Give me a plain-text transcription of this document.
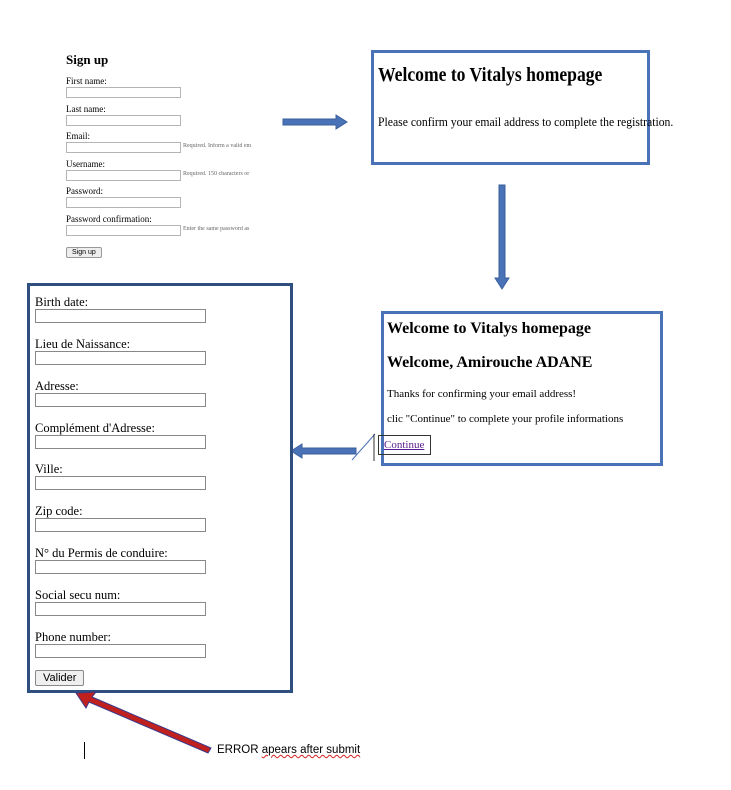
Sign up
First name:
Last name:
Email:
Required. Inform a valid em
Username:
Required. 150 characters or
Password:
Password confirmation:
Enter the same password as
Sign up
Welcome to Vitalys homepage
Please confirm your email address to complete the registration.
Welcome to Vitalys homepage
Welcome, Amirouche ADANE
Thanks for confirming your email address!
clic "Continue" to complete your profile informations
Continue
Birth date:
Lieu de Naissance:
Adresse:
Complément d'Adresse:
Ville:
Zip code:
N° du Permis de conduire:
Social secu num:
Phone number:
Valider
ERROR apears after submit
